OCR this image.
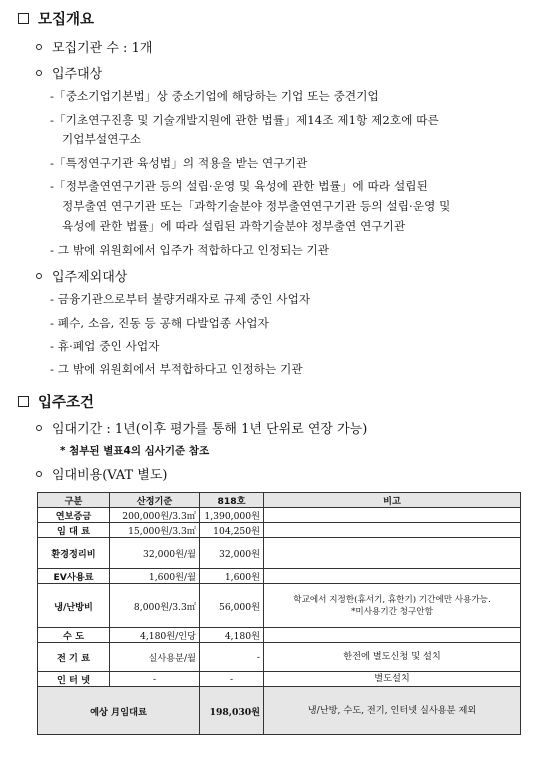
모집개요
모집기관 수 : 1개
입주대상
-「중소기업기본법」상 중소기업에 해당하는 기업 또는 중견기업
-「기초연구진흥 및 기술개발지원에 관한 법률」제14조 제1항 제2호에 따른
기업부설연구소
-「특정연구기관 육성법」의 적용을 받는 연구기관
-「정부출연연구기관 등의 설립·운영 및 육성에 관한 법률」에 따라 설립된
정부출연 연구기관 또는「과학기술분야 정부출연연구기관 등의 설립·운영 및
육성에 관한 법률」에 따라 설립된 과학기술분야 정부출연 연구기관
- 그 밖에 위원회에서 입주가 적합하다고 인정되는 기관
입주제외대상
- 금융기관으로부터 불량거래자로 규제 중인 사업자
- 폐수, 소음, 진동 등 공해 다발업종 사업자
- 휴·폐업 중인 사업자
- 그 밖에 위원회에서 부적합하다고 인정하는 기관
입주조건
임대기간 : 1년(이후 평가를 통해 1년 단위로 연장 가능)
* 첨부된 별표4의 심사기준 참조
임대비용(VAT 별도)
구분	산정기준	818호	비고
연보증금	200,000원/3.3㎡	1,390,000원	
임 대 료	15,000원/3.3㎡	104,250원	
환경정리비	32,000원/월	32,000원	
EV사용료	1,600원/월	1,600원	
냉/난방비	8,000원/3.3㎡	56,000원	학교에서 지정한(휴서기, 휴한기) 기간에만 사용가능.
*미사용기간 청구안함

수 도	4,180원/인당	4,180원	
전 기 료	실사용분/월	-	한전에 별도신청 및 설치
인 터 넷	-	-	별도설치
예상 月임대료		198,030원	냉/난방, 수도, 전기, 인터넷 실사용분 제외
